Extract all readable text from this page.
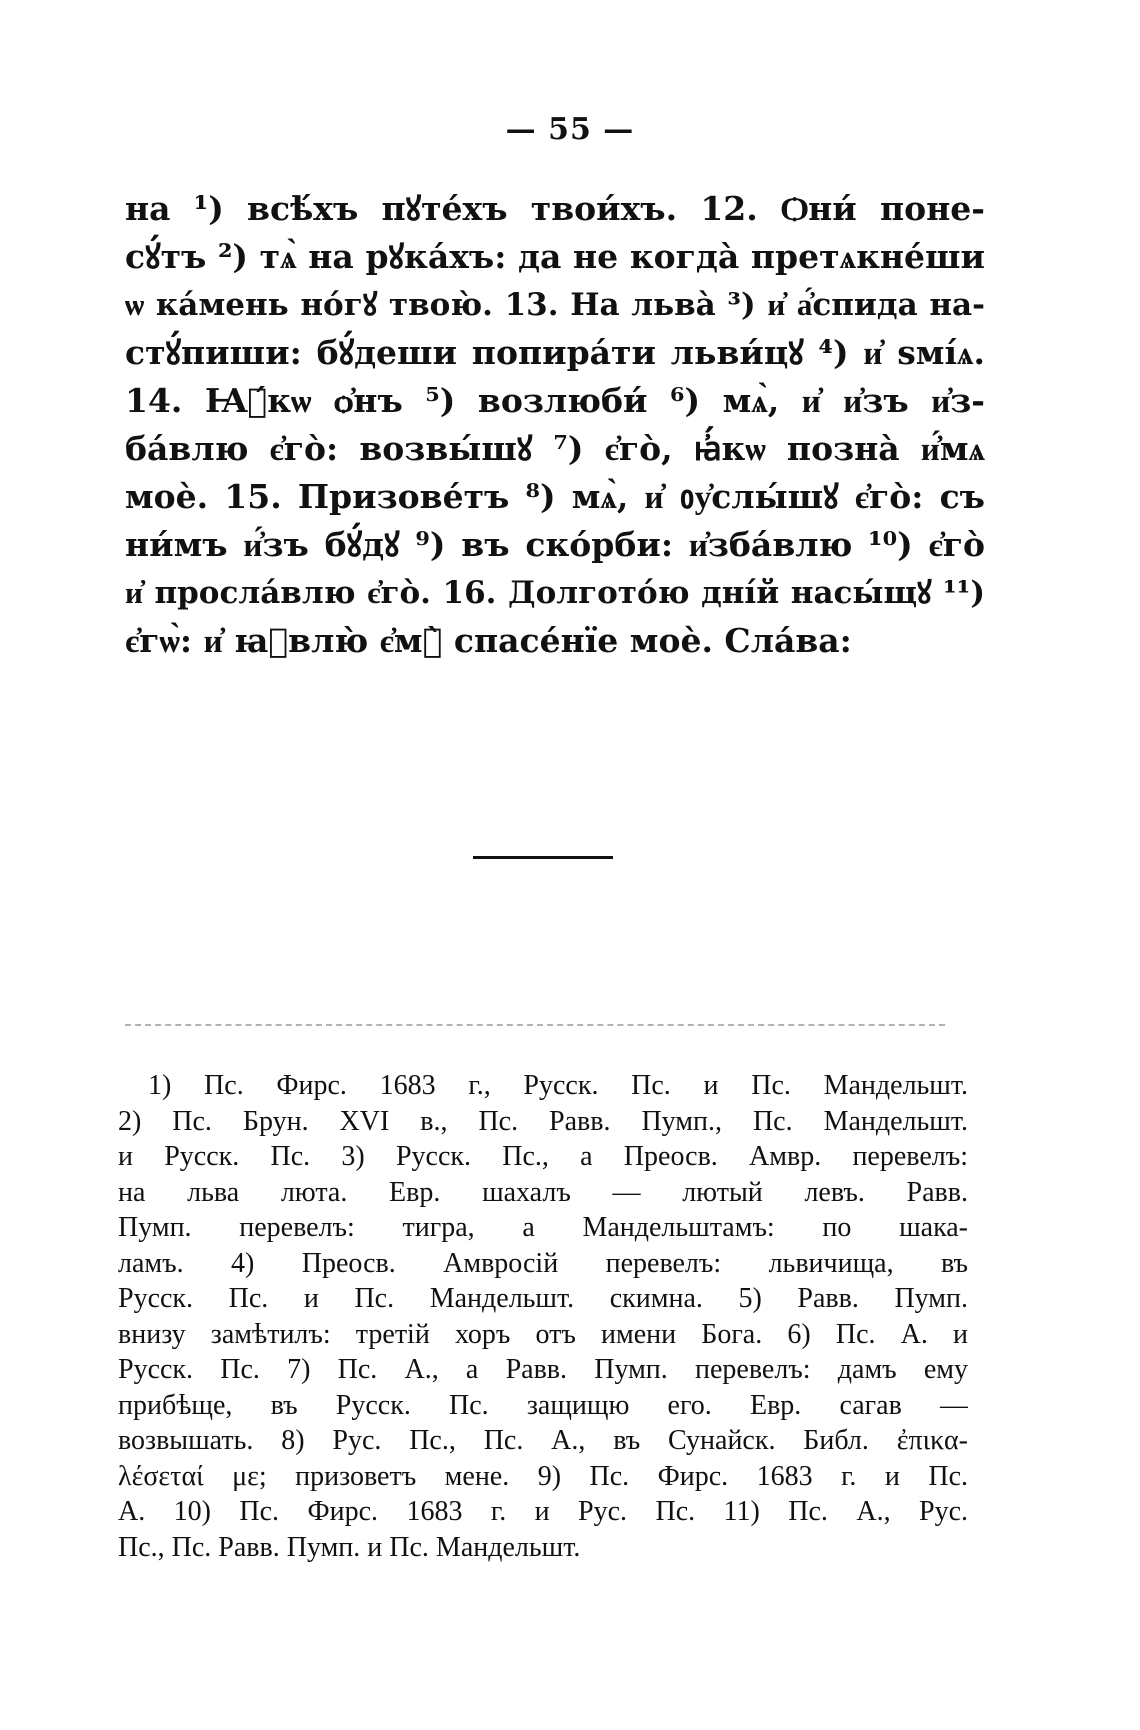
— 55 —
на ¹) всѣ́хъ пꙋте́хъ твои́хъ. 12. Ѻни́ поне-
сꙋ́тъ ²) тѧ̀ на рꙋка́хъ: да не когда̀ претѧкне́ши
ѡ ка́мень но́гꙋ твою̀. 13. На льва̀ ³) и҆ а҆́спида на-
стꙋ́пиши: бꙋ́деши попира́ти льви́цꙋ ⁴) и҆ ѕмі́ѧ.
14. Ꙗ҆́кѡ ѻ҆нъ ⁵) возлюби́ ⁶) мѧ̀, и҆ и҆зъ и҆з-
ба́влю є҆го̀: возвы́шꙋ ⁷) є҆го̀, ꙗ҆́кѡ позна̀ и҆́мѧ
моѐ. 15. Призове́тъ ⁸) мѧ̀, и҆ ᲂу҆слы́шꙋ є҆го̀: съ
ни́мъ и҆́зъ бꙋ́дꙋ ⁹) въ ско́рби: и҆зба́влю ¹⁰) є҆го̀
и҆ просла́влю є҆го̀. 16. Долгото́ю дні́й насы́щꙋ ¹¹)
є҆гѡ̀: и҆ ꙗ҆влю̀ є҆мꙋ̀ спасе́нїе моѐ. Сла́ва:
1) Пс. Фирс. 1683 г., Русск. Пс. и Пс. Мандельшт.
2) Пс. Брун. XVI в., Пс. Равв. Пумп., Пс. Мандельшт.
и Русск. Пс. 3) Русск. Пс., а Преосв. Амвр. перевелъ:
на льва люта. Евр. шахалъ — лютый левъ. Равв.
Пумп. перевелъ: тигра, а Мандельштамъ: по шака-
ламъ. 4) Преосв. Амвросій перевелъ: львичища, въ
Русск. Пс. и Пс. Мандельшт. скимна. 5) Равв. Пумп.
внизу замѣтилъ: третій хоръ отъ имени Бога. 6) Пс. А. и
Русск. Пс. 7) Пс. А., а Равв. Пумп. перевелъ: дамъ ему
прибѣще, въ Русск. Пс. защищю его. Евр. сагав —
возвышать. 8) Рус. Пс., Пс. А., въ Сунайск. Библ. ἐπικα-
λέσεταί με; призоветъ мене. 9) Пс. Фирс. 1683 г. и Пс.
А. 10) Пс. Фирс. 1683 г. и Рус. Пс. 11) Пс. А., Рус.
Пс., Пс. Равв. Пумп. и Пс. Мандельшт.
